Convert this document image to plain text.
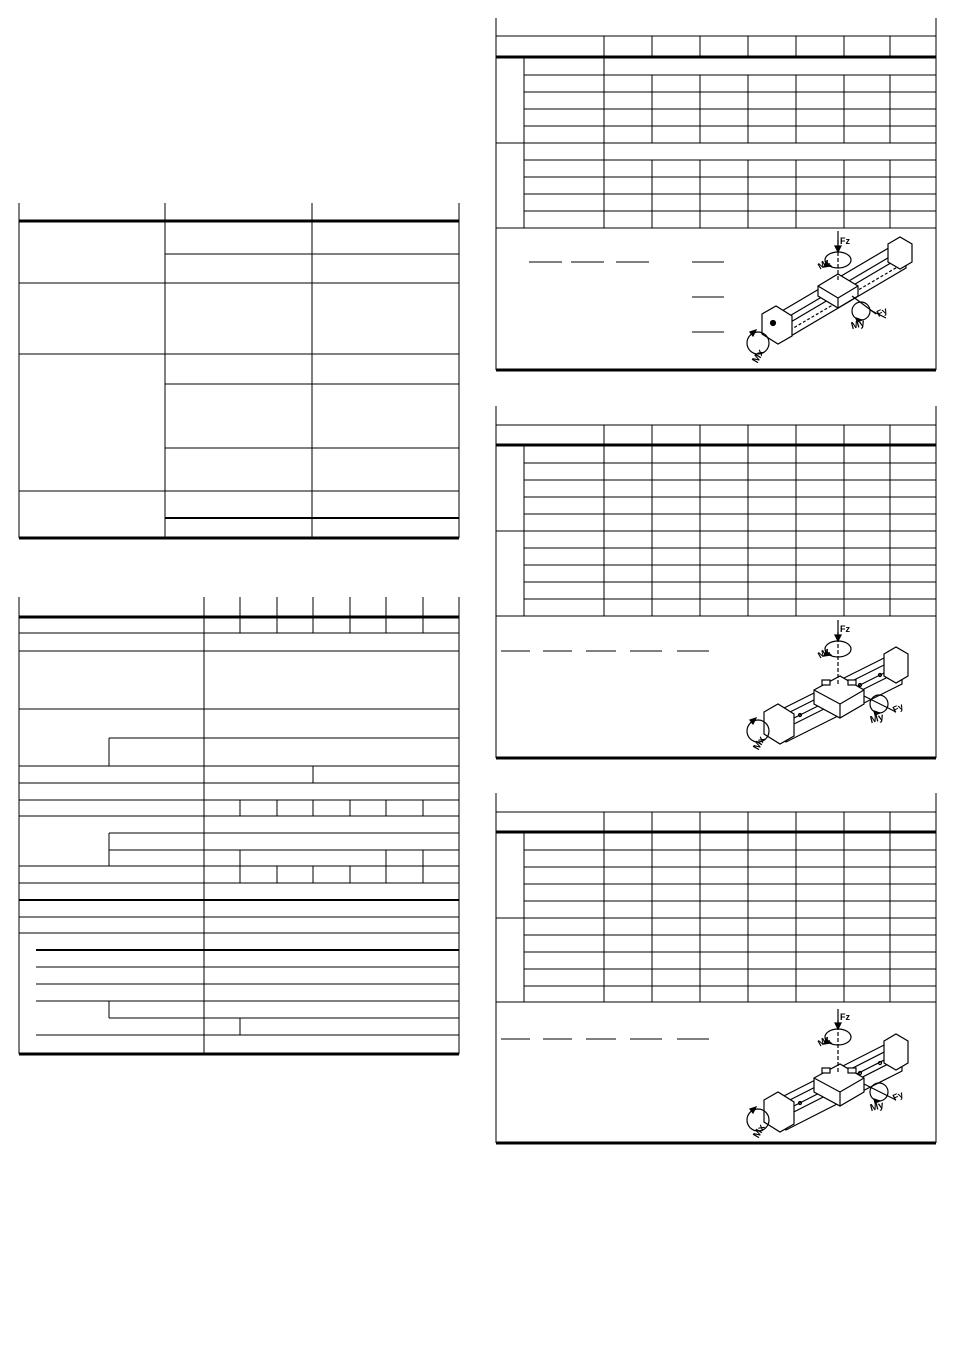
Fz
Mz
My
Fy
Mx
Fz
Mz
My
Fy
Mx
Fz
Mz
My
Fy
Mx
